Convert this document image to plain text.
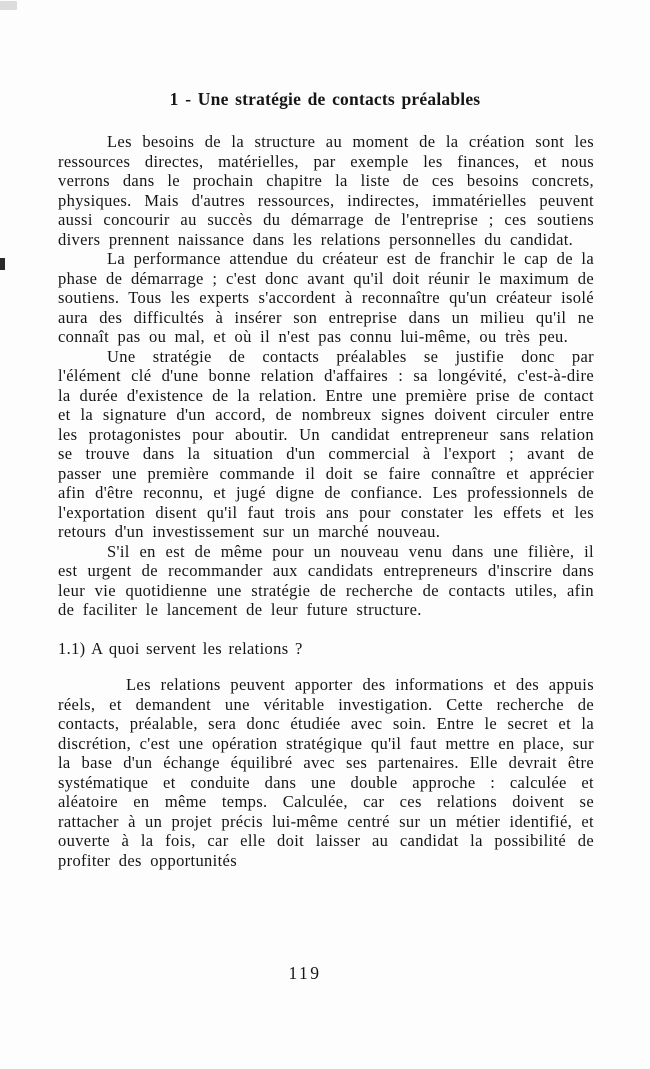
1 - Une stratégie de contacts préalables

Les besoins de la structure au moment de la création sont les ressources directes, matérielles, par exemple les finances, et nous verrons dans le prochain chapitre la liste de ces besoins concrets, physiques. Mais d'autres ressources, indirectes, immatérielles peuvent aussi concourir au succès du démarrage de l'entreprise ; ces soutiens divers prennent naissance dans les relations personnelles du candidat.

La performance attendue du créateur est de franchir le cap de la phase de démarrage ; c'est donc avant qu'il doit réunir le maximum de soutiens. Tous les experts s'accordent à reconnaître qu'un créateur isolé aura des difficultés à insérer son entreprise dans un milieu qu'il ne connaît pas ou mal, et où il n'est pas connu lui-même, ou très peu.

Une stratégie de contacts préalables se justifie donc par l'élément clé d'une bonne relation d'affaires : sa longévité, c'est-à-dire la durée d'existence de la relation. Entre une première prise de contact et la signature d'un accord, de nombreux signes doivent circuler entre les protagonistes pour aboutir. Un candidat entrepreneur sans relation se trouve dans la situation d'un commercial à l'export ; avant de passer une première commande il doit se faire connaître et apprécier afin d'être reconnu, et jugé digne de confiance. Les professionnels de l'exportation disent qu'il faut trois ans pour constater les effets et les retours d'un investissement sur un marché nouveau.

S'il en est de même pour un nouveau venu dans une filière, il est urgent de recommander aux candidats entrepreneurs d'inscrire dans leur vie quotidienne une stratégie de recherche de contacts utiles, afin de faciliter le lancement de leur future structure.

1.1) A quoi servent les relations ?

Les relations peuvent apporter des informations et des appuis réels, et demandent une véritable investigation. Cette recherche de contacts, préalable, sera donc étudiée avec soin. Entre le secret et la discrétion, c'est une opération stratégique qu'il faut mettre en place, sur la base d'un échange équilibré avec ses partenaires. Elle devrait être systématique et conduite dans une double approche : calculée et aléatoire en même temps. Calculée, car ces relations doivent se rattacher à un projet précis lui-même centré sur un métier identifié, et ouverte à la fois, car elle doit laisser au candidat la possibilité de profiter des opportunités

119
